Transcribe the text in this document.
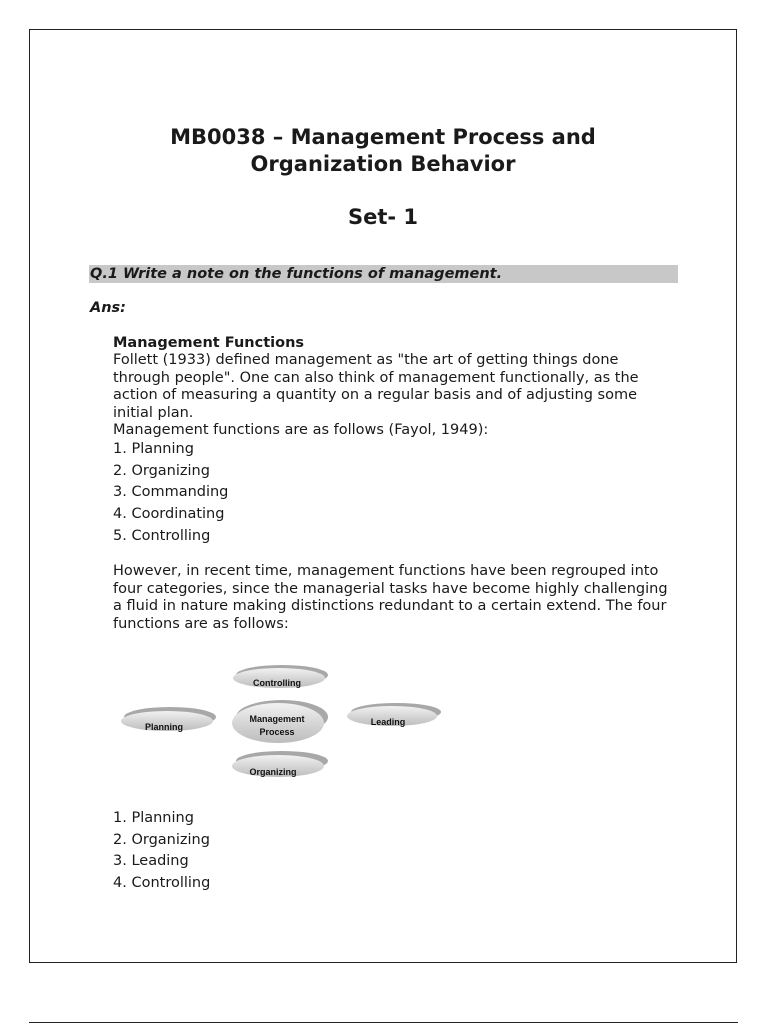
MB0038 – Management Process and
Organization Behavior
Set- 1
Q.1 Write a note on the functions of management.
Ans:
Management Functions
Follett (1933) defined management as "the art of getting things done through people". One can also think of management functionally, as the action of measuring a quantity on a regular basis and of adjusting some initial plan.
Management functions are as follows (Fayol, 1949):
1. Planning
2. Organizing
3. Commanding
4. Coordinating
5. Controlling

However, in recent time, management functions have been regrouped into four categories, since the managerial tasks have become highly challenging a fluid in nature making distinctions redundant to a certain extend. The four functions are as follows:

Controlling
Planning
Management
Process
Leading
Organizing
1. Planning
2. Organizing
3. Leading
4. Controlling
